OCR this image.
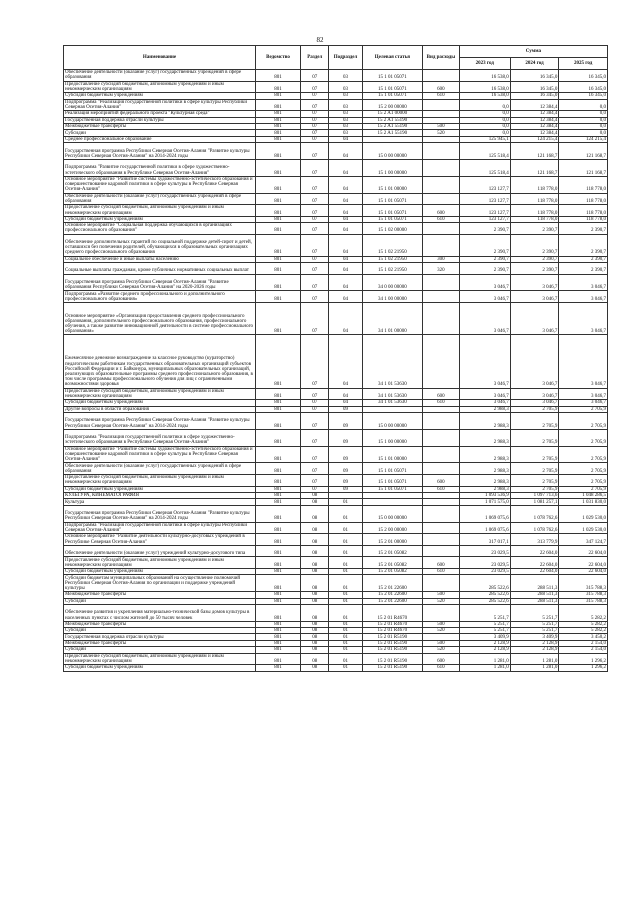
82
Наименование	Ведомство	Раздел	Подраздел	Целевая статья	Вид расходы	Сумма		
						2023 год	2024 год	2025 год
Обеспечение деятельности (оказание услуг) государственных учреждений в сфере образования	801	07	03	15 1 01 05071		16 538,0	16 345,0	16 345,0
Предоставление субсидий бюджетным, автономным учреждениям и иным некоммерческим организациям	801	07	03	15 1 01 05071	600	16 538,0	16 345,0	16 345,0
Субсидии бюджетным учреждениям	801	07	03	15 1 01 05071	610	16 538,0	16 345,0	16 345,0
Подпрограмма "Реализация государственной политики в сфере культуры Республики Северная Осетия-Алания"	801	07	03	15 2 00 00000		0,0	12 384,4	0,0
Реализация мероприятий федерального проекта "Культурная среда"	801	07	03	15 2 A1 00000		0,0	12 384,4	0,0
Государственная поддержка отрасли культуры	801	07	03	15 2 A1 55190		0,0	12 384,4	0,0
Межбюджетные трансферты	801	07	03	15 2 A1 55190	500	0,0	12 384,4	0,0
Субсидии	801	07	03	15 2 A1 55190	520	0,0	12 384,4	0,0
Среднее профессиональное образование	801	07	04			125 945,1	124 215,4	124 215,4
Государственная программа Республики Северная Осетия-Алания "Развитие культуры Республики Северная Осетия-Алания" на 2014-2024 годы	801	07	04	15 0 00 00000		125 518,4	121 168,7	121 168,7
Подпрограмма "Развитие государственной политики в сфере художественно-эстетического образования в Республике Северная Осетия-Алания"	801	07	04	15 1 00 00000		125 518,4	121 168,7	121 168,7
Основное мероприятие "Развитие системы художественно-эстетического образования и совершенствование кадровой политики в сфере культуры в Республике Северная Осетия-Алания"	801	07	04	15 1 01 00000		123 127,7	118 778,0	118 778,0
Обеспечение деятельности (оказание услуг) государственных учреждений в сфере образования	801	07	04	15 1 01 05071		123 127,7	118 778,0	118 778,0
Предоставление субсидий бюджетным, автономным учреждениям и иным некоммерческим организациям	801	07	04	15 1 01 05071	600	123 127,7	118 778,0	118 778,0
Субсидии бюджетным учреждениям	801	07	04	15 1 01 05071	610	123 127,7	118 778,0	118 778,0
Основное мероприятие "Социальная поддержка обучающихся в организациях профессионального образования"	801	07	04	15 1 02 00000		2 390,7	2 390,7	2 390,7
Обеспечение дополнительных гарантий по социальной поддержке детей-сирот и детей, оставшихся без попечения родителей, обучающихся в образовательных организациях среднего профессионального образования	801	07	04	15 1 02 21950		2 390,7	2 390,7	2 390,7
Социальное обеспечение и иные выплаты населению	801	07	04	15 1 02 21950	300	2 390,7	2 390,7	2 390,7
Социальные выплаты гражданам, кроме публичных нормативных социальных выплат	801	07	04	15 1 02 21950	320	2 390,7	2 390,7	2 390,7
Государственная программа Республики Северная Осетия-Алания "Развитие образования Республики Северная Осетия-Алания" на 2020-2026 годы	801	07	04	34 0 00 00000		3 046,7	3 046,7	3 046,7
Подпрограмма «Развитие среднего профессионального и дополнительного профессионального образования»	801	07	04	34 1 00 00000		3 046,7	3 046,7	3 046,7
Основное мероприятие «Организация предоставления среднего профессионального образования, дополнительного профессионального образования, профессионального обучения, а также развитие инновационной деятельности в системе профессионального образования»	801	07	04	34 1 01 00000		3 046,7	3 046,7	3 046,7
Ежемесячное денежное вознаграждение за классное руководство (кураторство) педагогическим работникам государственных образовательных организаций субъектов Российской Федерации и г. Байконура, муниципальных образовательных организаций, реализующих образовательные программы среднего профессионального образования, в том числе программы профессионального обучения для лиц с ограниченными возможностями здоровья	801	07	04	34 1 01 53630		3 046,7	3 046,7	3 046,7
Предоставление субсидий бюджетным, автономным учреждениям и иным некоммерческим организациям	801	07	04	34 1 01 53630	600	3 046,7	3 046,7	3 046,7
Субсидии бюджетным учреждениям	801	07	04	34 1 01 53630	610	3 046,7	3 046,7	3 046,7
Другие вопросы в области образования	801	07	09			2 988,3	2 705,9	2 705,9
Государственная программа Республики Северная Осетия-Алания "Развитие культуры Республики Северная Осетия-Алания" на 2014-2024 годы	801	07	09	15 0 00 00000		2 988,3	2 705,9	2 705,9
Подпрограмма "Реализация государственной политики в сфере художественно-эстетического образования в Республике Северная Осетия-Алания"	801	07	09	15 1 00 00000		2 988,3	2 705,9	2 705,9
Основное мероприятие "Развитие системы художественно-эстетического образования и совершенствование кадровой политики в сфере культуры в Республике Северная Осетия-Алания"	801	07	09	15 1 01 00000		2 988,3	2 705,9	2 705,9
Обеспечение деятельности (оказание услуг) государственных учреждений в сфере образования	801	07	09	15 1 01 05071		2 988,3	2 705,9	2 705,9
Предоставление субсидий бюджетным, автономным учреждениям и иным некоммерческим организациям	801	07	09	15 1 01 05071	600	2 988,3	2 705,9	2 705,9
Субсидии бюджетным учреждениям	801	07	09	15 1 01 05071	610	2 988,3	2 705,9	2 705,9
КУЛЬТУРА, КИНЕМАТОГРАФИЯ	801	08				1 093 536,9	1 097 713,6	1 048 286,5
Культура	801	08	01			1 071 575,0	1 081 257,1	1 031 830,0
Государственная программа Республики Северная Осетия-Алания "Развитие культуры Республики Северная Осетия-Алания" на 2014-2024 годы	801	08	01	15 0 00 00000		1 069 075,6	1 078 762,6	1 029 530,0
Подпрограмма "Реализация государственной политики в сфере культуры Республики Северная Осетия-Алания"	801	08	01	15 2 00 00000		1 069 075,6	1 078 762,6	1 029 530,0
Основное мероприятие "Развитие деятельности культурно-досуговых учреждений в Республике Северная Осетия-Алания"	801	08	01	15 2 01 00000		317 017,1	313 779,9	347 124,7
Обеспечение деятельности (оказание услуг) учреждений культурно-досугового типа	801	08	01	15 2 01 05082		23 029,5	22 604,0	22 604,0
Предоставление субсидий бюджетным, автономным учреждениям и иным некоммерческим организациям	801	08	01	15 2 01 05082	600	23 029,5	22 604,0	22 604,0
Субсидии бюджетным учреждениям	801	08	01	15 2 01 05082	610	23 029,5	22 604,0	22 604,0
Субсидии бюджетам муниципальных образований на осуществление полномочий Республики Северная Осетия-Алания по организации и поддержке учреждений культуры	801	08	01	15 2 01 22600		285 522,6	288 511,3	315 788,3
Межбюджетные трансферты	801	08	01	15 2 01 22600	500	285 522,6	288 511,3	315 788,3
Субсидии	801	08	01	15 2 01 22600	520	285 522,6	288 511,3	315 788,3
Обеспечение развития и укрепления материально-технической базы домов культуры в населенных пунктах с числом жителей до 50 тысяч человек	801	08	01	15 2 01 R4670		5 251,7	5 251,7	5 282,2
Межбюджетные трансферты	801	08	01	15 2 01 R4670	500	5 251,7	5 251,7	5 282,2
Субсидии	801	08	01	15 2 01 R4670	520	5 251,7	5 251,7	5 282,2
Государственная поддержка отрасли культуры	801	08	01	15 2 01 R5190		3 409,9	3 409,9	3 450,2
Межбюджетные трансферты	801	08	01	15 2 01 R5190	500	2 128,9	2 128,9	2 154,0
Субсидии	801	08	01	15 2 01 R5190	520	2 128,9	2 128,9	2 154,0
Предоставление субсидий бюджетным, автономным учреждениям и иным некоммерческим организациям	801	08	01	15 2 01 R5190	600	1 281,0	1 281,0	1 296,2
Субсидии бюджетным учреждениям	801	08	01	15 2 01 R5190	610	1 281,0	1 281,0	1 296,2
